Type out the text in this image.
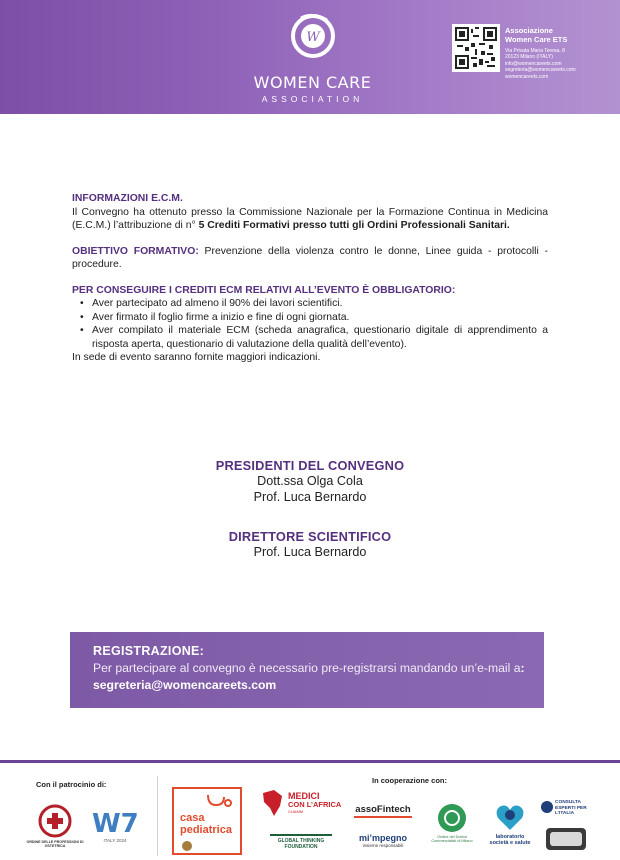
W
WOMEN CARE
ASSOCIATION
Associazione
Women Care ETS
Via Privata Maria Teresa, 8
20123 Milano (ITALY)
info@womencareets.com
segreteria@womencareets.com
womencareets.com
INFORMAZIONI E.C.M.
Il Convegno ha ottenuto presso la Commissione Nazionale per la Formazione Continua in Medicina (E.C.M.) l’attribuzione di n° 5 Crediti Formativi presso tutti gli Ordini Professionali Sanitari.
OBIETTIVO FORMATIVO: Prevenzione della violenza contro le donne, Linee guida - protocolli - procedure.
PER CONSEGUIRE I CREDITI ECM RELATIVI ALL’EVENTO È OBBLIGATORIO:
• Aver partecipato ad almeno il 90% dei lavori scientifici.
• Aver firmato il foglio firme a inizio e fine di ogni giornata.
• Aver compilato il materiale ECM (scheda anagrafica, questionario digitale di apprendimento a risposta aperta, questionario di valutazione della qualità dell’evento).
In sede di evento saranno fornite maggiori indicazioni.
PRESIDENTI DEL CONVEGNO
Dott.ssa Olga Cola
Prof. Luca Bernardo
DIRETTORE SCIENTIFICO
Prof. Luca Bernardo
REGISTRAZIONE:
Per partecipare al convegno è necessario pre-registrarsi mandando un’e-mail a: segreteria@womencareets.com
Con il patrocinio di:	In cooperazione con:
ORDINE DELLE PROFESSIONI DI OSTETRICA
W7
ITALY 2024
casa
pediatrica
MEDICI
CON L’AFRICA
CUAMM
GLOBAL THINKING FOUNDATION
assoFintech
mi’mpegno
insieme responsabili
Ordine dei Dottori Commercialisti di Milano
laboratorio società e salute
CONSULTA ESPERTI PER L’ITALIA
